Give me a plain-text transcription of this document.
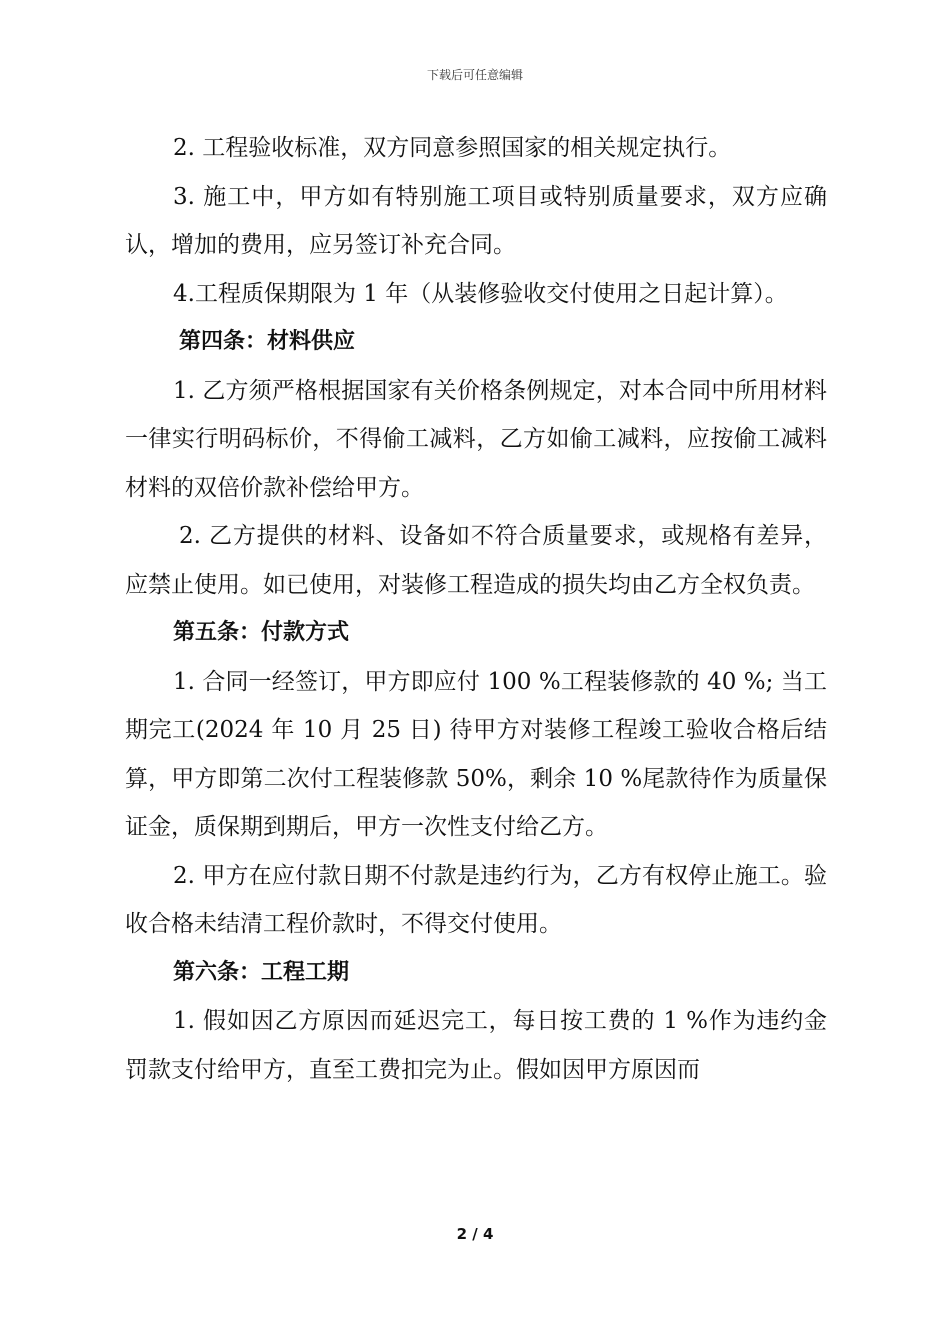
下载后可任意编辑

2. 工程验收标准，双方同意参照国家的相关规定执行。

3. 施工中，甲方如有特别施工项目或特别质量要求，双方应确认，增加的费用，应另签订补充合同。

4.工程质保期限为 1 年（从装修验收交付使用之日起计算）。

第四条：材料供应

1. 乙方须严格根据国家有关价格条例规定，对本合同中所用材料一律实行明码标价，不得偷工减料，乙方如偷工减料，应按偷工减料材料的双倍价款补偿给甲方。

2. 乙方提供的材料、设备如不符合质量要求，或规格有差异，应禁止使用。如已使用，对装修工程造成的损失均由乙方全权负责。

第五条：付款方式

1. 合同一经签订，甲方即应付 100 %工程装修款的 40 %; 当工期完工(2024 年 10 月 25 日) 待甲方对装修工程竣工验收合格后结算，甲方即第二次付工程装修款 50%，剩余 10 %尾款待作为质量保证金，质保期到期后，甲方一次性支付给乙方。

2. 甲方在应付款日期不付款是违约行为，乙方有权停止施工。验收合格未结清工程价款时，不得交付使用。

第六条：工程工期

1. 假如因乙方原因而延迟完工，每日按工费的 1 %作为违约金罚款支付给甲方，直至工费扣完为止。假如因甲方原因而

2 / 4
